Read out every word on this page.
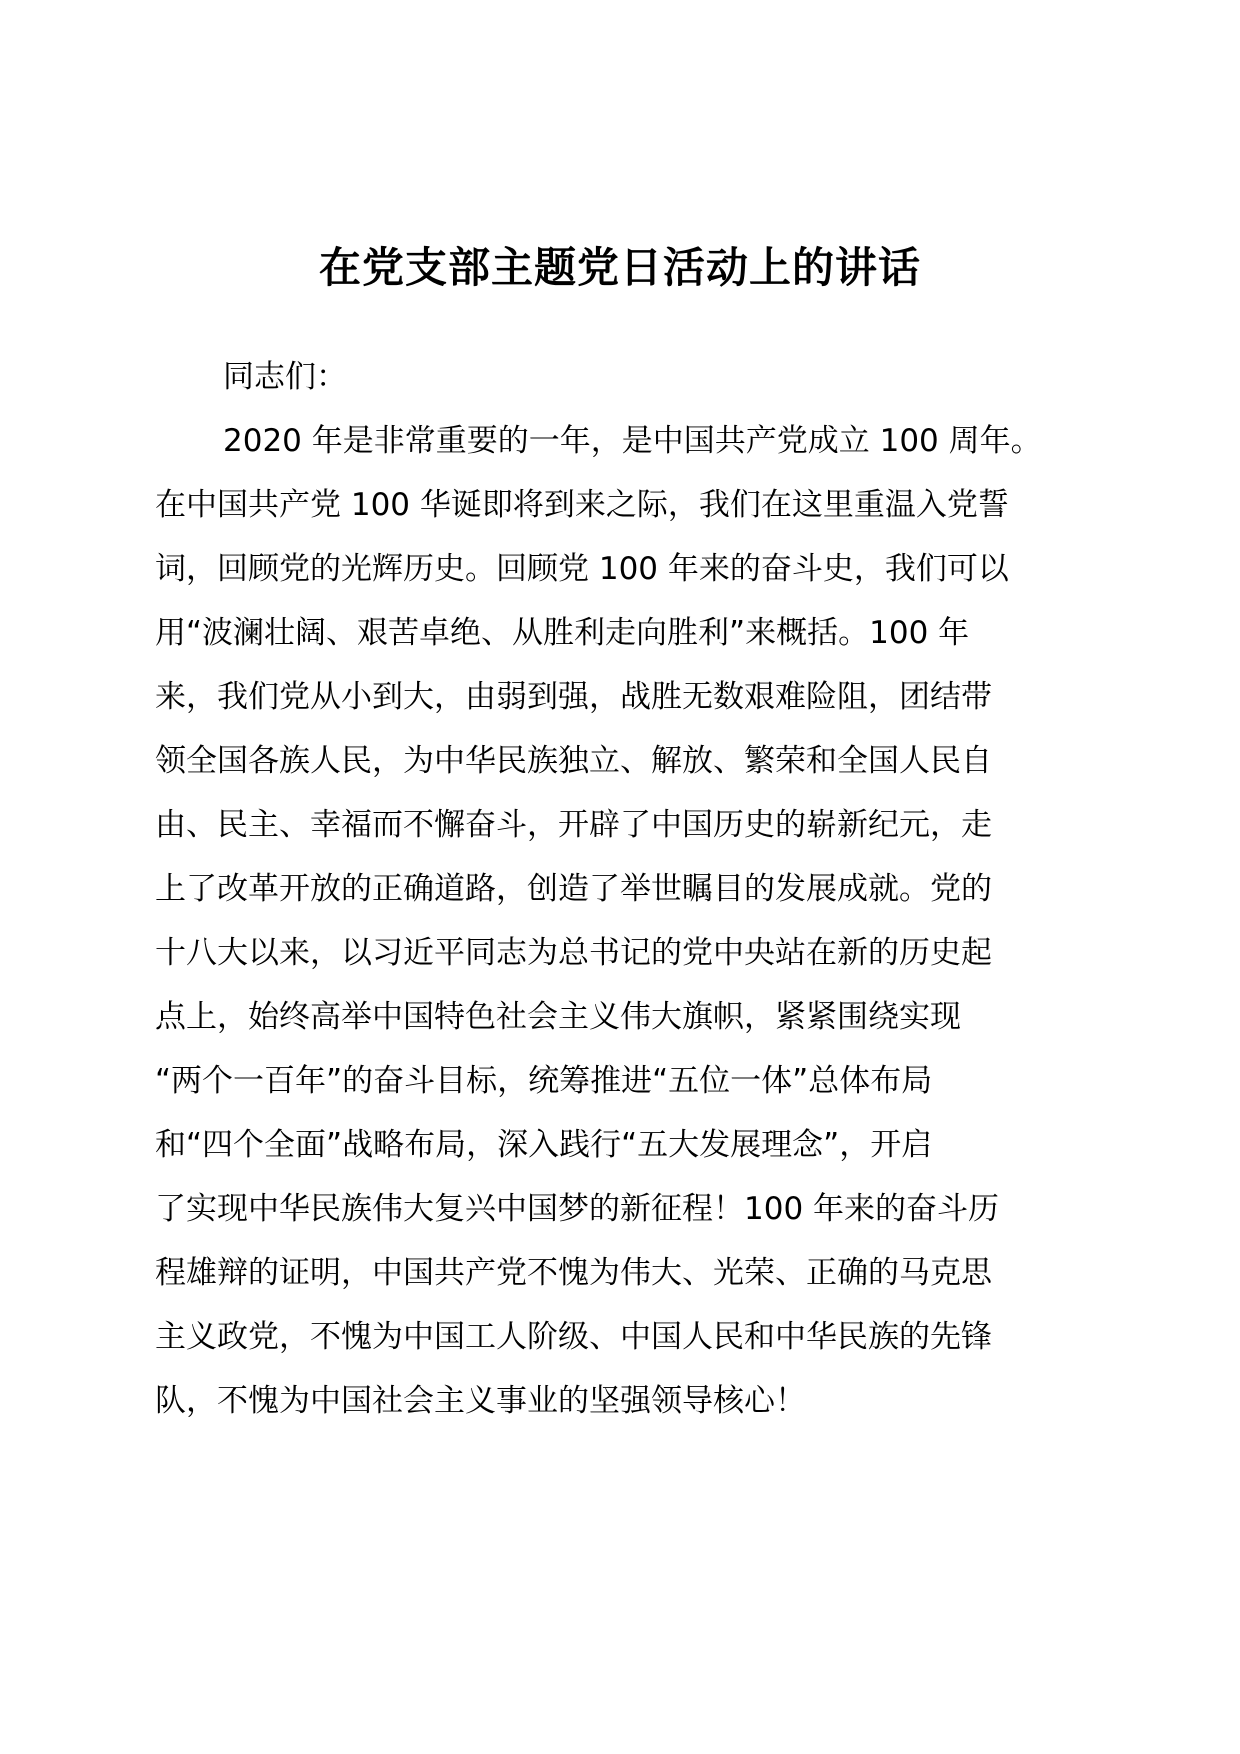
在党支部主题党日活动上的讲话
同志们：
2020 年是非常重要的一年，是中国共产党成立 100 周年。
在中国共产党 100 华诞即将到来之际，我们在这里重温入党誓
词，回顾党的光辉历史。回顾党 100 年来的奋斗史，我们可以
用“波澜壮阔、艰苦卓绝、从胜利走向胜利”来概括。100 年
来，我们党从小到大，由弱到强，战胜无数艰难险阻，团结带
领全国各族人民，为中华民族独立、解放、繁荣和全国人民自
由、民主、幸福而不懈奋斗，开辟了中国历史的崭新纪元，走
上了改革开放的正确道路，创造了举世瞩目的发展成就。党的
十八大以来，以习近平同志为总书记的党中央站在新的历史起
点上，始终高举中国特色社会主义伟大旗帜，紧紧围绕实现
“两个一百年”的奋斗目标，统筹推进“五位一体”总体布局
和“四个全面”战略布局，深入践行“五大发展理念”，开启
了实现中华民族伟大复兴中国梦的新征程！100 年来的奋斗历
程雄辩的证明，中国共产党不愧为伟大、光荣、正确的马克思
主义政党，不愧为中国工人阶级、中国人民和中华民族的先锋
队，不愧为中国社会主义事业的坚强领导核心！
